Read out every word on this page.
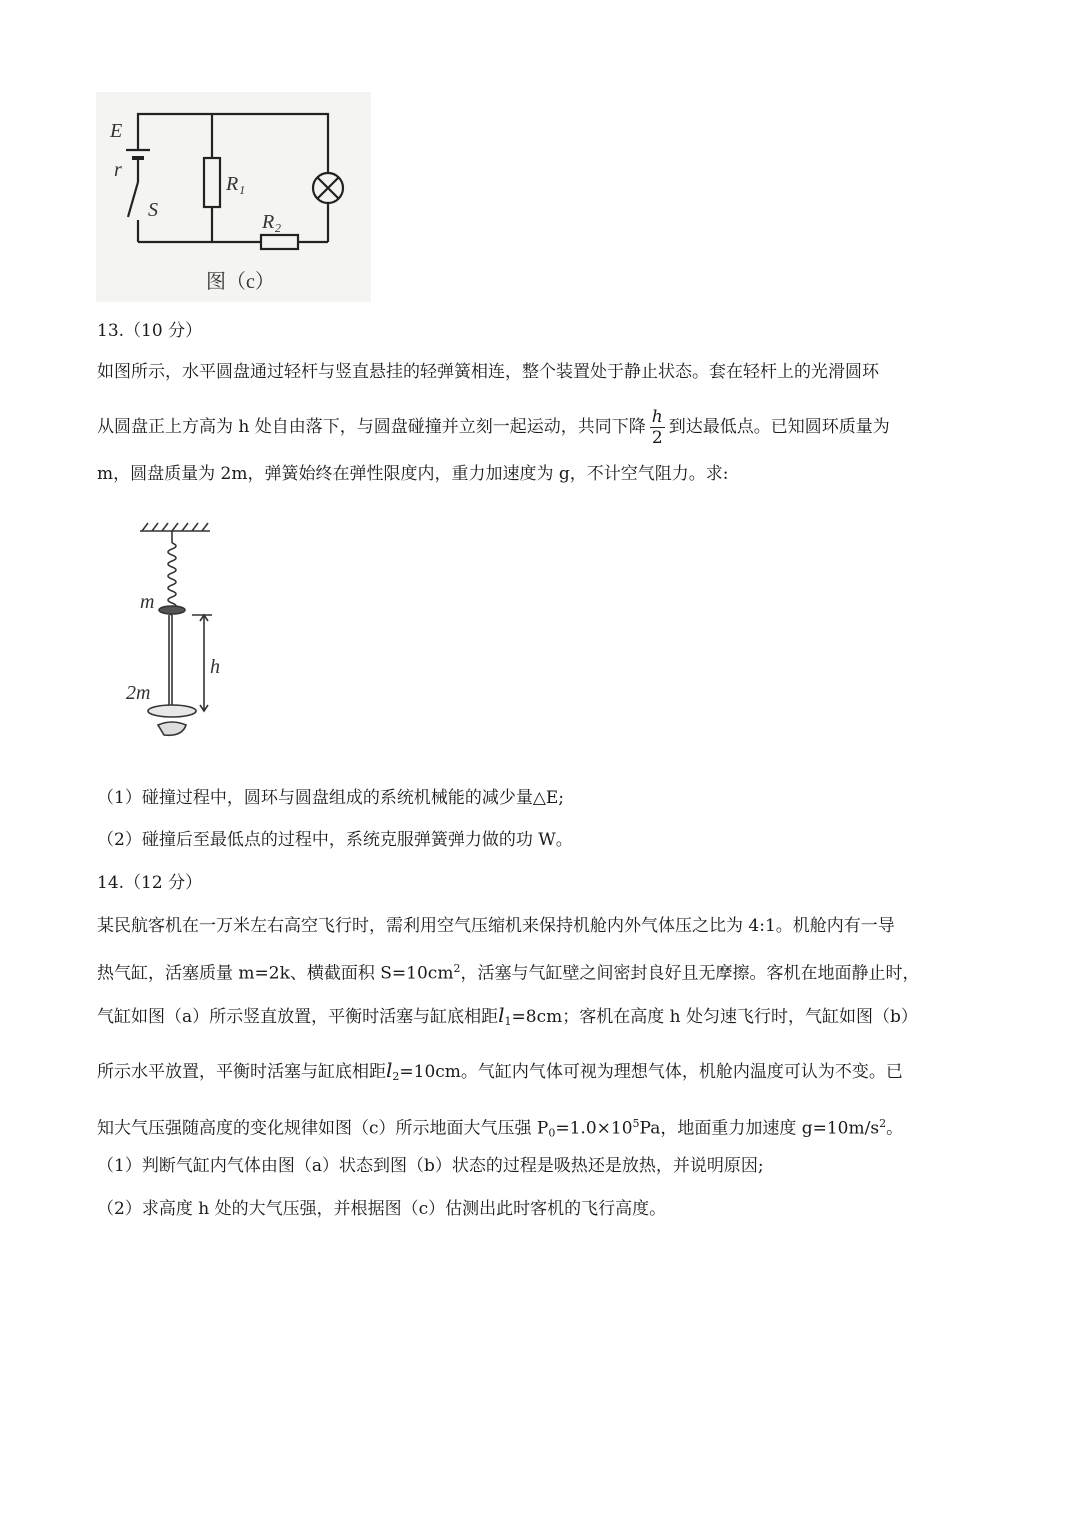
E
r
S
R₁
R₂
图（c）
13.（10 分）
如图所示，水平圆盘通过轻杆与竖直悬挂的轻弹簧相连，整个装置处于静止状态。套在轻杆上的光滑圆环
从圆盘正上方高为 h 处自由落下，与圆盘碰撞并立刻一起运动，共同下降 $\frac{h}{2}$ 到达最低点。已知圆环质量为
m，圆盘质量为 2m，弹簧始终在弹性限度内，重力加速度为 g，不计空气阻力。求:
m
h
2m
（1）碰撞过程中，圆环与圆盘组成的系统机械能的减少量△E;
（2）碰撞后至最低点的过程中，系统克服弹簧弹力做的功 W。
14.（12 分）
某民航客机在一万米左右高空飞行时，需利用空气压缩机来保持机舱内外气体压之比为 4:1。机舱内有一导
热气缸，活塞质量 m=2k、横截面积 $S=10cm^2$，活塞与气缸壁之间密封良好且无摩擦。客机在地面静止时，
气缸如图（a）所示竖直放置，平衡时活塞与缸底相距$l_1=8cm$；客机在高度 h 处匀速飞行时，气缸如图（b）
所示水平放置，平衡时活塞与缸底相距$l_2=10cm$。气缸内气体可视为理想气体，机舱内温度可认为不变。已
知大气压强随高度的变化规律如图（c）所示地面大气压强 $P_0=1.0\times 10^5Pa$，地面重力加速度 $g=10m/s^2$。
（1）判断气缸内气体由图（a）状态到图（b）状态的过程是吸热还是放热，并说明原因;
（2）求高度 h 处的大气压强，并根据图（c）估测出此时客机的飞行高度。
